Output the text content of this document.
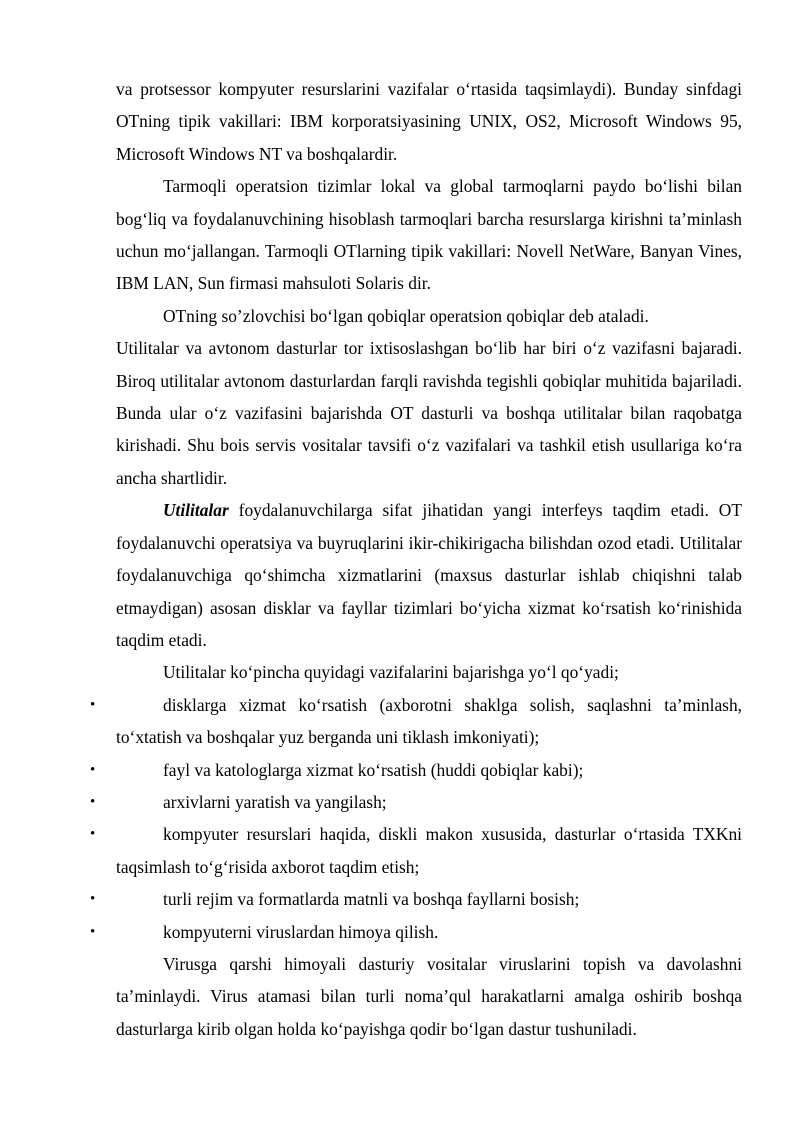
va protsessor kompyuter resurslarini vazifalar o‘rtasida taqsimlaydi). Bunday sinfdagi OTning tipik vakillari: IBM korporatsiyasining UNIX, OS2, Microsoft Windows 95, Microsoft Windows NT va boshqalardir.

Tarmoqli operatsion tizimlar lokal va global tarmoqlarni paydo bo‘lishi bilan bog‘liq va foydalanuvchining hisoblash tarmoqlari barcha resurslarga kirishni ta’minlash uchun mo‘jallangan. Tarmoqli OTlarning tipik vakillari: Novell NetWare, Banyan Vines, IBM LAN, Sun firmasi mahsuloti Solaris dir.

OTning so’zlovchisi bo‘lgan qobiqlar operatsion qobiqlar deb ataladi.

Utilitalar va avtonom dasturlar tor ixtisoslashgan bo‘lib har biri o‘z vazifasni bajaradi. Biroq utilitalar avtonom dasturlardan farqli ravishda tegishli qobiqlar muhitida bajariladi. Bunda ular o‘z vazifasini bajarishda OT dasturli va boshqa utilitalar bilan raqobatga kirishadi. Shu bois servis vositalar tavsifi o‘z vazifalari va tashkil etish usullariga ko‘ra ancha shartlidir.

Utilitalar foydalanuvchilarga sifat jihatidan yangi interfeys taqdim etadi. OT foydalanuvchi operatsiya va buyruqlarini ikir-chikirigacha bilishdan ozod etadi. Utilitalar foydalanuvchiga qo‘shimcha xizmatlarini (maxsus dasturlar ishlab chiqishni talab etmaydigan) asosan disklar va fayllar tizimlari bo‘yicha xizmat ko‘rsatish ko‘rinishida taqdim etadi.

Utilitalar ko‘pincha quyidagi vazifalarini bajarishga yo‘l qo‘yadi;

•	disklarga xizmat ko‘rsatish (axborotni shaklga solish, saqlashni ta’minlash, to‘xtatish va boshqalar yuz berganda uni tiklash imkoniyati);

•	fayl va katologlarga xizmat ko‘rsatish (huddi qobiqlar kabi);

•	arxivlarni yaratish va yangilash;

•	kompyuter resurslari haqida, diskli makon xususida, dasturlar o‘rtasida TXKni taqsimlash to‘g‘risida axborot taqdim etish;

•	turli rejim va formatlarda matnli va boshqa fayllarni bosish;

•	kompyuterni viruslardan himoya qilish.

Virusga qarshi himoyali dasturiy vositalar viruslarini topish va davolashni ta’minlaydi. Virus atamasi bilan turli noma’qul harakatlarni amalga oshirib boshqa dasturlarga kirib olgan holda ko‘payishga qodir bo‘lgan dastur tushuniladi.
